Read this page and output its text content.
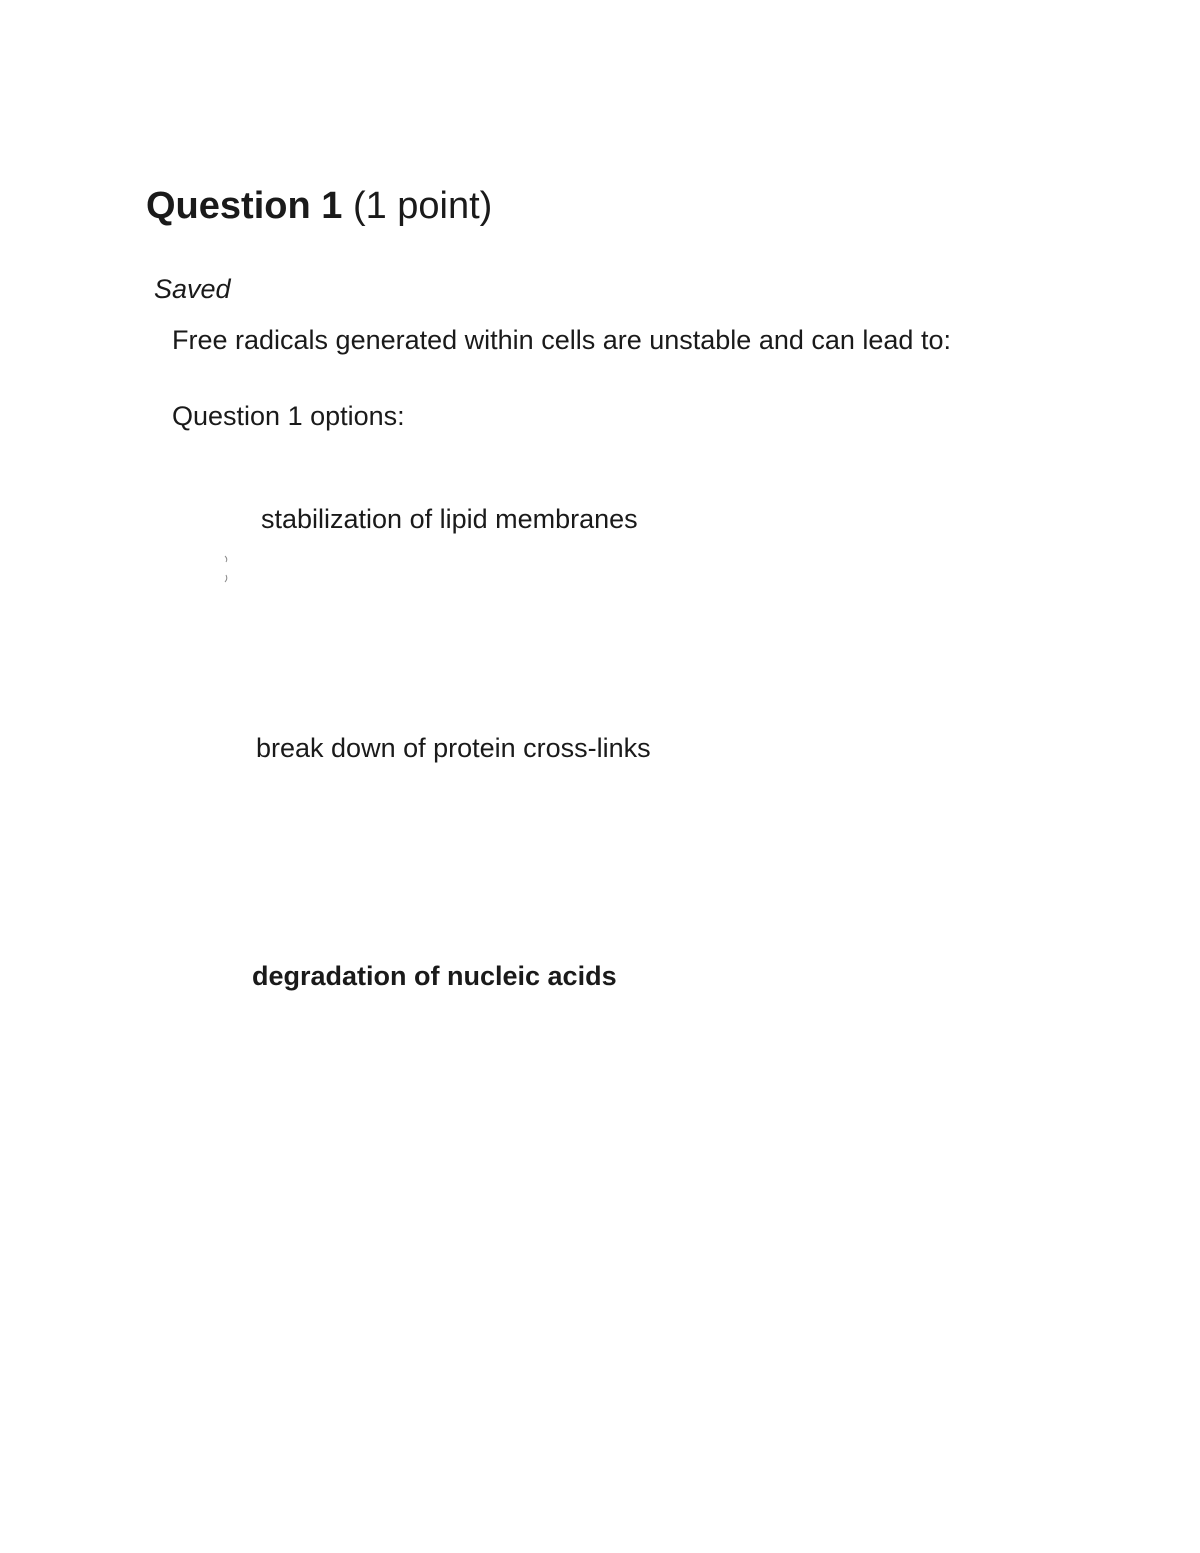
Question 1 (1 point)
Saved
Free radicals generated within cells are unstable and can lead to:
Question 1 options:
stabilization of lipid membranes
break down of protein cross-links
degradation of nucleic acids
